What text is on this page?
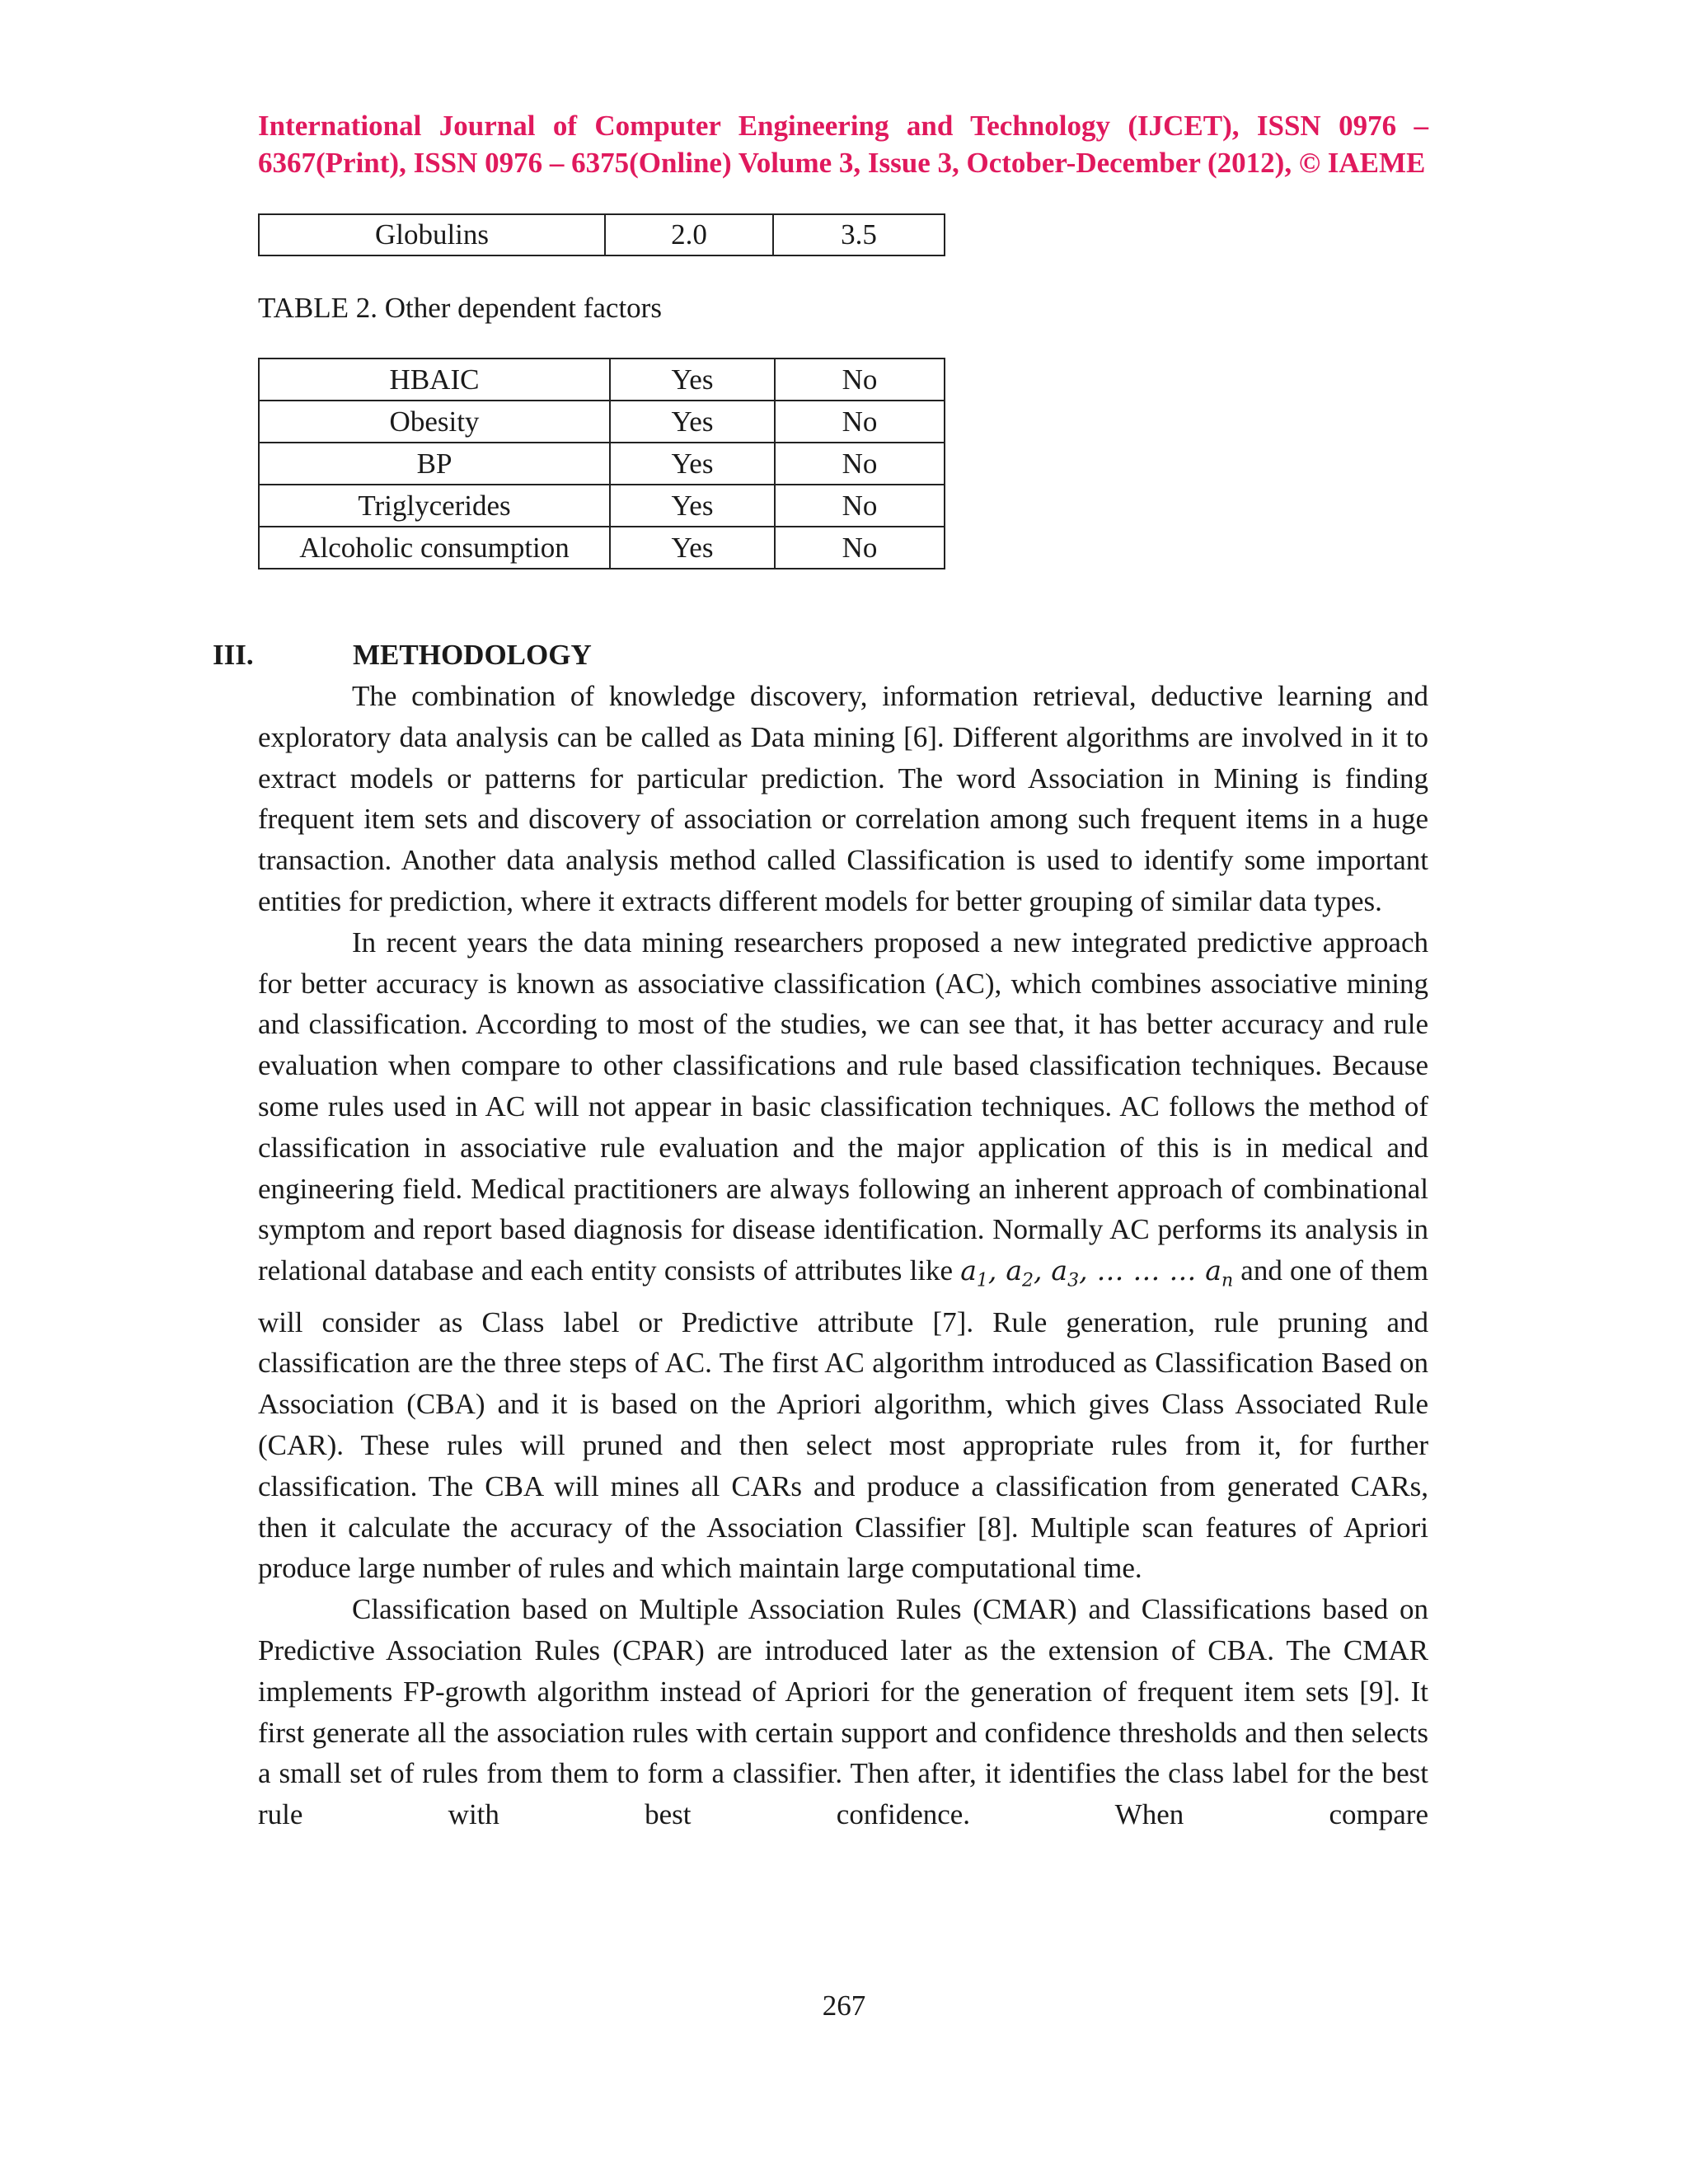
International Journal of Computer Engineering and Technology (IJCET), ISSN 0976 –
6367(Print), ISSN 0976 – 6375(Online) Volume 3, Issue 3, October-December (2012), © IAEME
Globulins	2.0	3.5
TABLE 2. Other dependent factors
HBAIC	Yes	No
Obesity	Yes	No
BP	Yes	No
Triglycerides	Yes	No
Alcoholic consumption	Yes	No
III.	METHODOLOGY

The combination of knowledge discovery, information retrieval, deductive learning and exploratory data analysis can be called as Data mining [6]. Different algorithms are involved in it to extract models or patterns for particular prediction. The word Association in Mining is finding frequent item sets and discovery of association or correlation among such frequent items in a huge transaction. Another data analysis method called Classification is used to identify some important entities for prediction, where it extracts different models for better grouping of similar data types.

In recent years the data mining researchers proposed a new integrated predictive approach for better accuracy is known as associative classification (AC), which combines associative mining and classification. According to most of the studies, we can see that, it has better accuracy and rule evaluation when compare to other classifications and rule based classification techniques. Because some rules used in AC will not appear in basic classification techniques. AC follows the method of classification in associative rule evaluation and the major application of this is in medical and engineering field. Medical practitioners are always following an inherent approach of combinational symptom and report based diagnosis for disease identification. Normally AC performs its analysis in relational database and each entity consists of attributes like $a_1$, $a_2$, $a_3$, … … … $a_n$ and one of them will consider as Class label or Predictive attribute [7]. Rule generation, rule pruning and classification are the three steps of AC. The first AC algorithm introduced as Classification Based on Association (CBA) and it is based on the Apriori algorithm, which gives Class Associated Rule (CAR). These rules will pruned and then select most appropriate rules from it, for further classification. The CBA will mines all CARs and produce a classification from generated CARs, then it calculate the accuracy of the Association Classifier [8]. Multiple scan features of Apriori produce large number of rules and which maintain large computational time.

Classification based on Multiple Association Rules (CMAR) and Classifications based on Predictive Association Rules (CPAR) are introduced later as the extension of CBA. The CMAR implements FP-growth algorithm instead of Apriori for the generation of frequent item sets [9]. It first generate all the association rules with certain support and confidence thresholds and then selects a small set of rules from them to form a classifier. Then after, it identifies the class label for the best rule with best confidence. When compare

267
